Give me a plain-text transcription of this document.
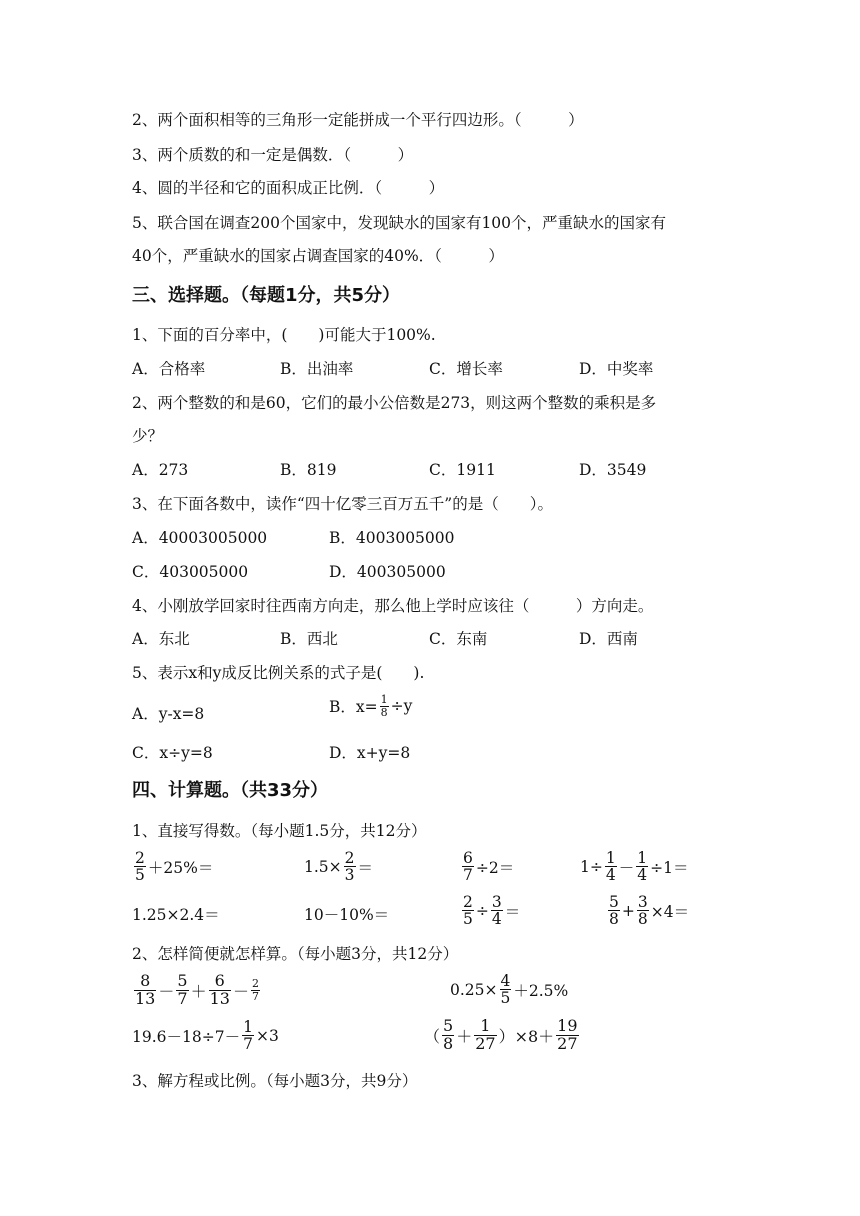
2、两个面积相等的三角形一定能拼成一个平行四边形。（　　　）
3、两个质数的和一定是偶数．（　　　）
4、圆的半径和它的面积成正比例．（　　　）
5、联合国在调查200个国家中，发现缺水的国家有100个，严重缺水的国家有
40个，严重缺水的国家占调查国家的40%．（　　　）
三、选择题。（每题1分，共5分）
1、下面的百分率中，(　　)可能大于100%.
A．合格率	B．出油率	C．增长率	D．中奖率
2、两个整数的和是60，它们的最小公倍数是273，则这两个整数的乘积是多
少？
A．273	B．819	C．1911	D．3549
3、在下面各数中，读作“四十亿零三百万五千”的是（　　）。
A．40003005000	B．4003005000
C．403005000	D．400305000
4、小刚放学回家时往西南方向走，那么他上学时应该往（　　　）方向走。
A．东北	B．西北	C．东南	D．西南
5、表示x和y成反比例关系的式子是(　　).
A．y-x=8	B．$x= \frac{1}{8} \div y$
C．x÷y=8	D．x+y=8
四、计算题。（共33分）
1、直接写得数。（每小题1.5分，共12分）
$\frac{2}{5} +25\%=$	$1.5\times \frac{2}{3}$ ＝	$\frac{6}{7} \div 2=$	$1\div \frac{1}{4} - \frac{1}{4} \div 1=$
1.25×2.4＝	10－10%＝	$\frac{2}{5} \div \frac{3}{4}$ ＝	$\frac{5}{8} + \frac{3}{8} \times 4=$
2、怎样简便就怎样算。（每小题3分，共12分）
$\frac{8}{13} - \frac{5}{7} + \frac{6}{13} - \frac{2}{7}$	$0.25\times \frac{4}{5} +2.5\%$
$19.6-18\div 7- \frac{1}{7} \times 3$	（ $\frac{5}{8} + \frac{1}{27} )\times 8+ \frac{19}{27}$
3、解方程或比例。（每小题3分，共9分）
